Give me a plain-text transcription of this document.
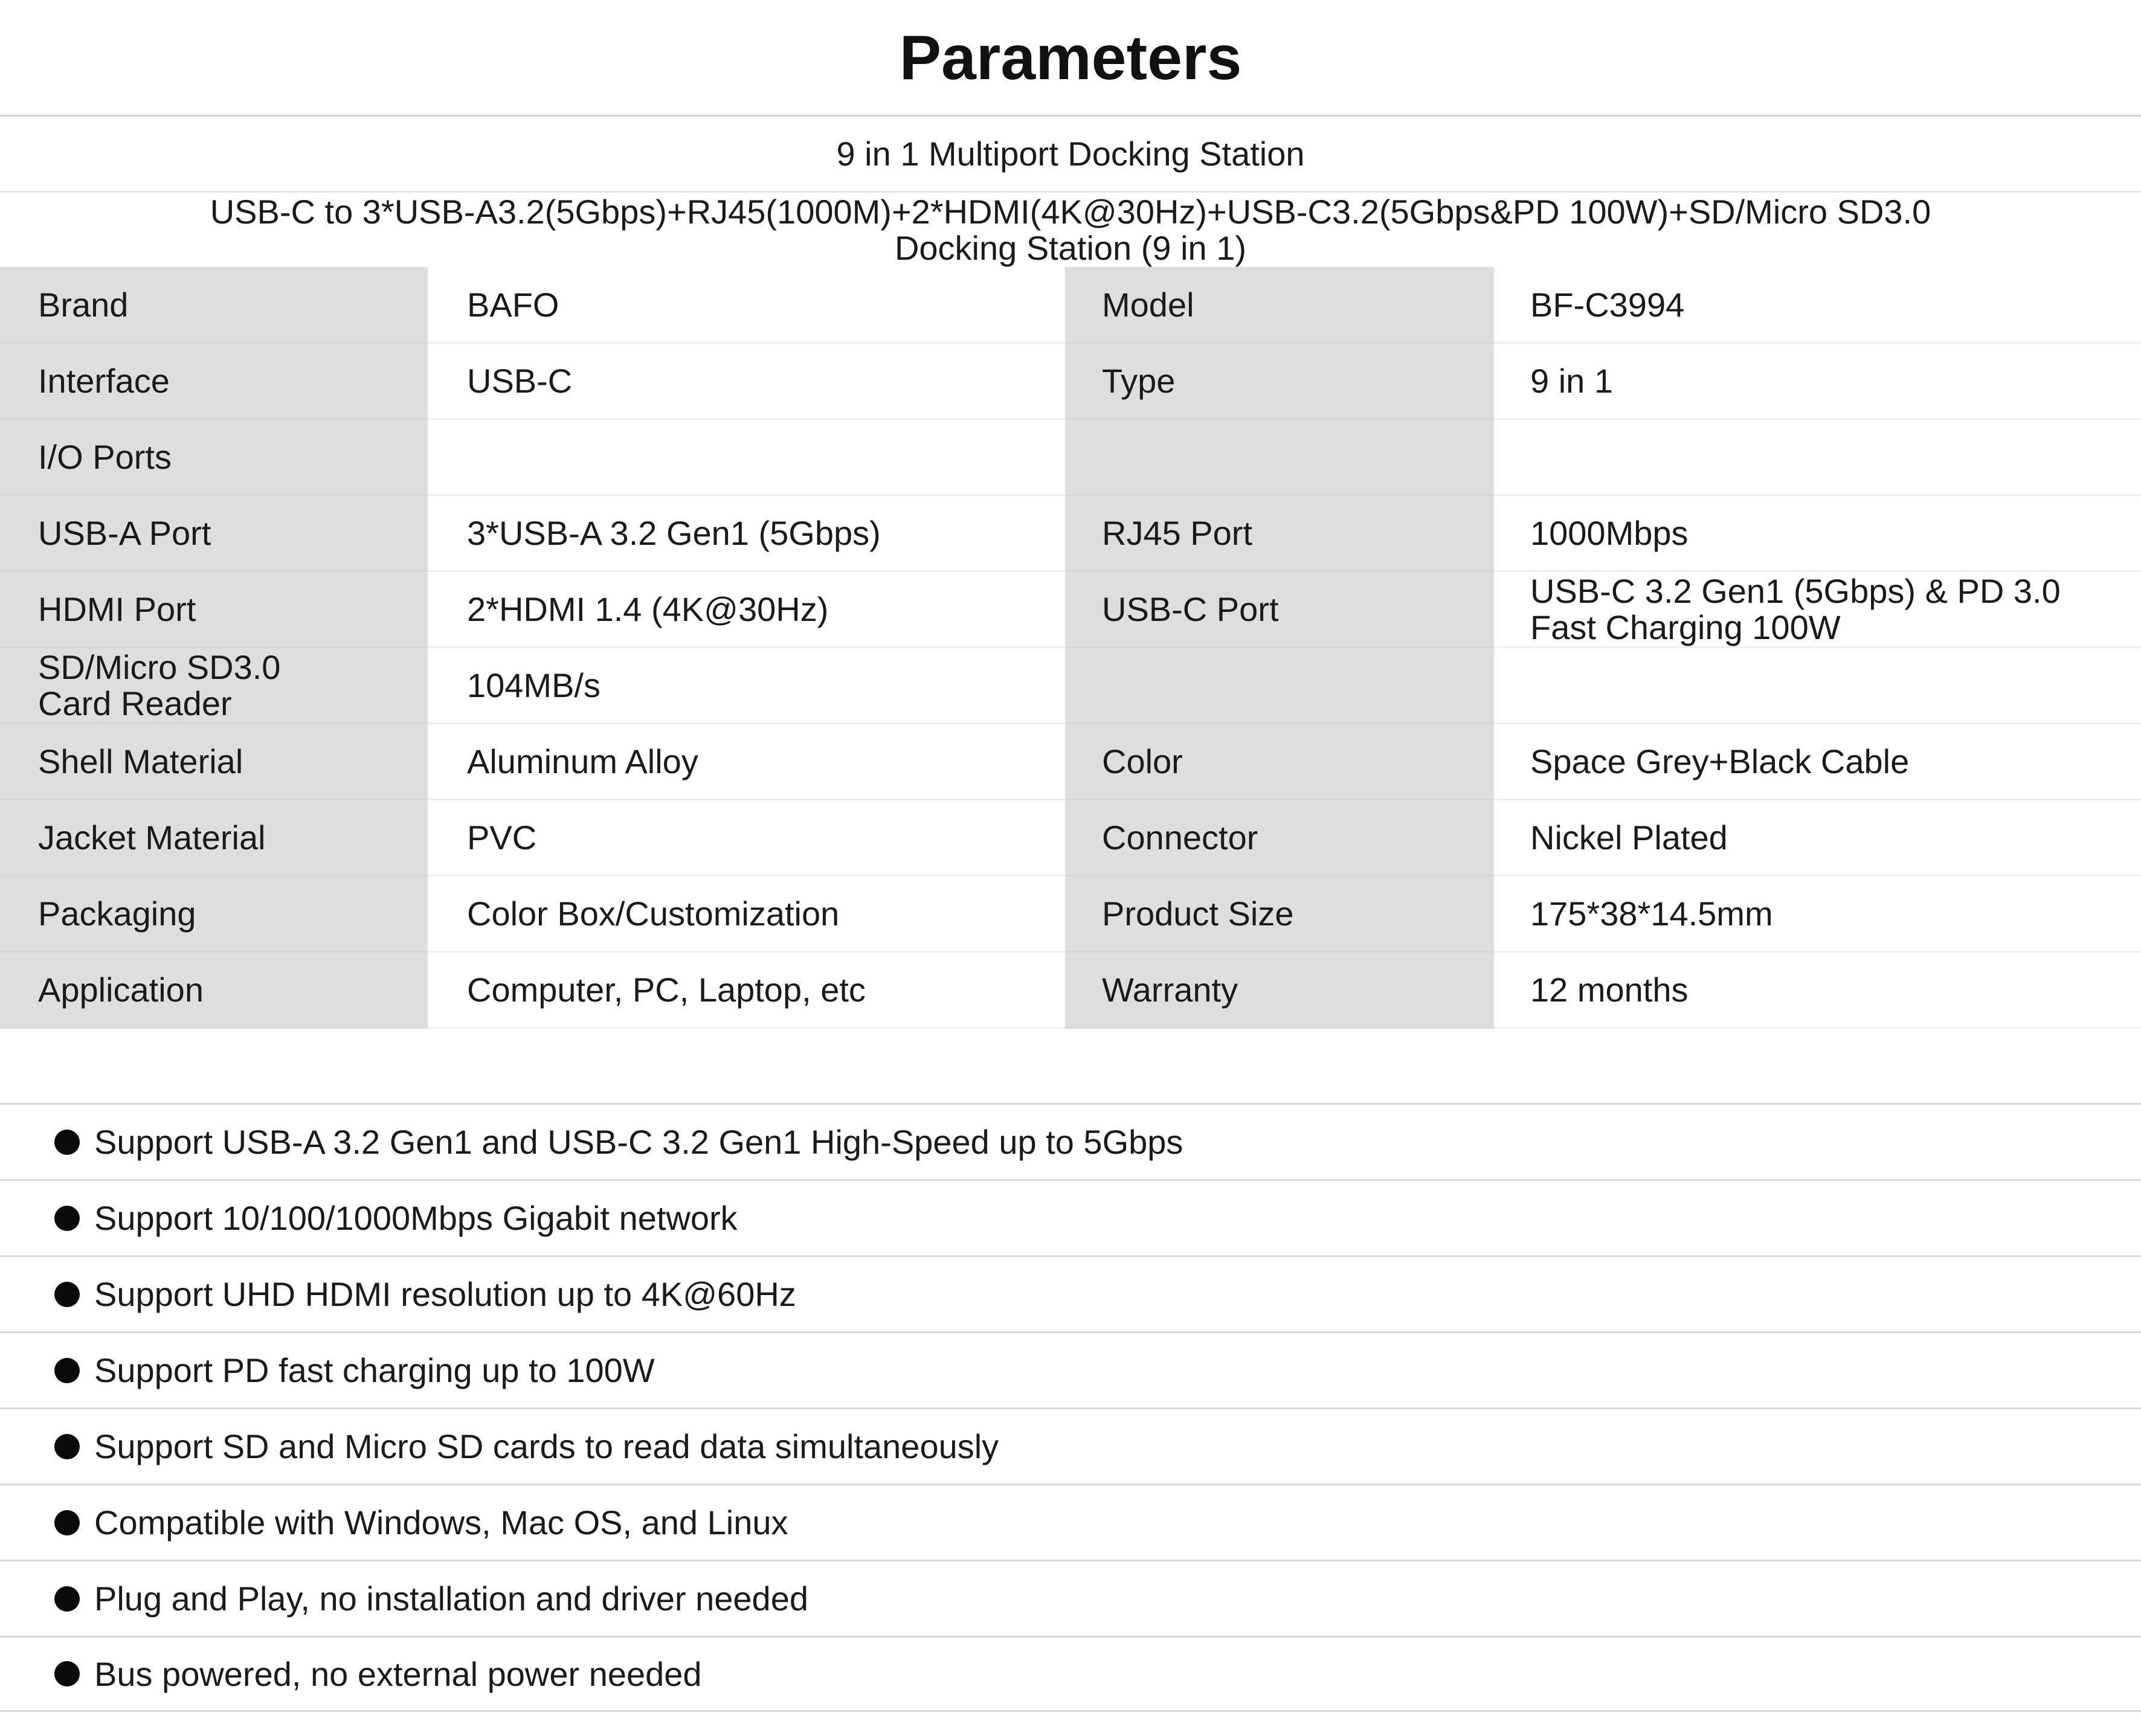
Parameters
9 in 1 Multiport Docking Station
USB-C to 3*USB-A3.2(5Gbps)+RJ45(1000M)+2*HDMI(4K@30Hz)+USB-C3.2(5Gbps&PD 100W)+SD/Micro SD3.0
Docking Station (9 in 1)
Brand	BAFO	Model	BF-C3994
Interface	USB-C	Type	9 in 1
I/O Ports
USB-A Port	3*USB-A 3.2 Gen1 (5Gbps)	RJ45 Port	1000Mbps
HDMI Port	2*HDMI 1.4 (4K@30Hz)	USB-C Port	USB-C 3.2 Gen1 (5Gbps) & PD 3.0
Fast Charging 100W
SD/Micro SD3.0
Card Reader	104MB/s
Shell Material	Aluminum Alloy	Color	Space Grey+Black Cable
Jacket Material	PVC	Connector	Nickel Plated
Packaging	Color Box/Customization	Product Size	175*38*14.5mm
Application	Computer, PC, Laptop, etc	Warranty	12 months
Support USB-A 3.2 Gen1 and USB-C 3.2 Gen1 High-Speed up to 5Gbps
Support 10/100/1000Mbps Gigabit network
Support UHD HDMI resolution up to 4K@60Hz
Support PD fast charging up to 100W
Support SD and Micro SD cards to read data simultaneously
Compatible with Windows, Mac OS, and Linux
Plug and Play, no installation and driver needed
Bus powered, no external power needed
